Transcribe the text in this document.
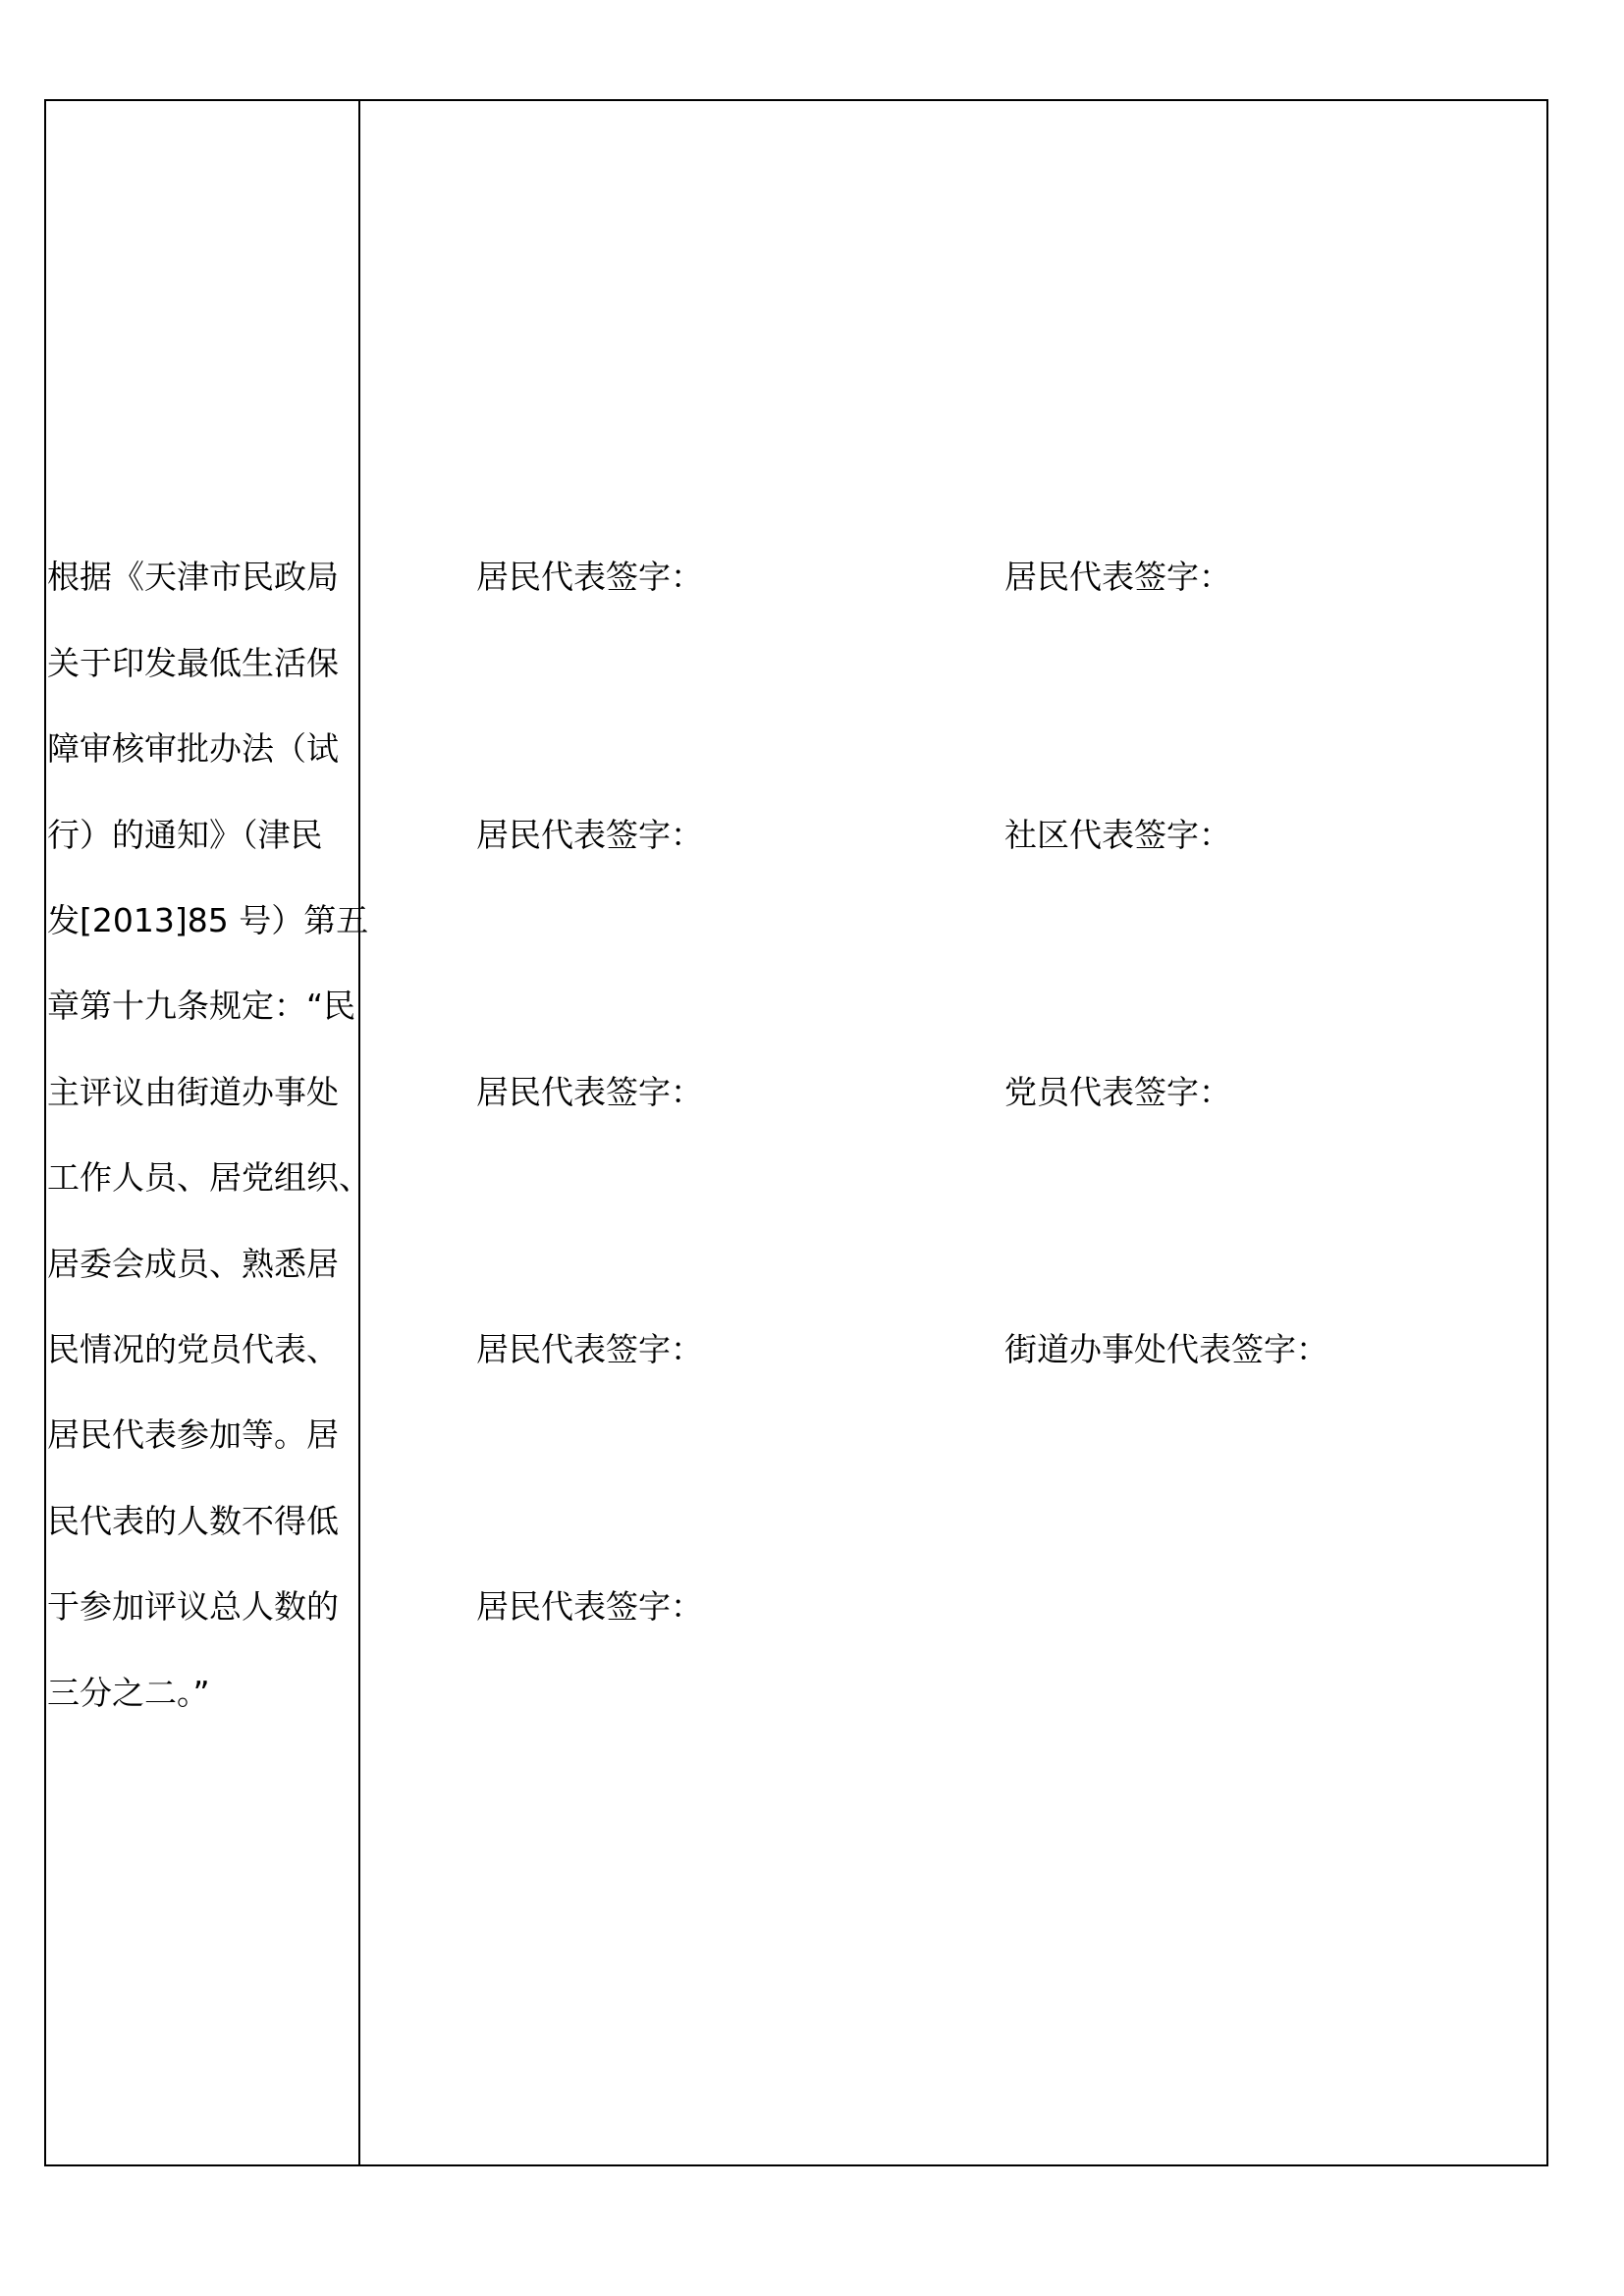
根据《天津市民政局
关于印发最低生活保
障审核审批办法（试
行）的通知》（津民
发[2013]85 号）第五
章第十九条规定：“民
主评议由街道办事处
工作人员、居党组织、
居委会成员、熟悉居
民情况的党员代表、
居民代表参加等。居
民代表的人数不得低
于参加评议总人数的
三分之二。”
居民代表签字：
居民代表签字：
居民代表签字：
居民代表签字：
居民代表签字：
居民代表签字：
社区代表签字：
党员代表签字：
街道办事处代表签字：
